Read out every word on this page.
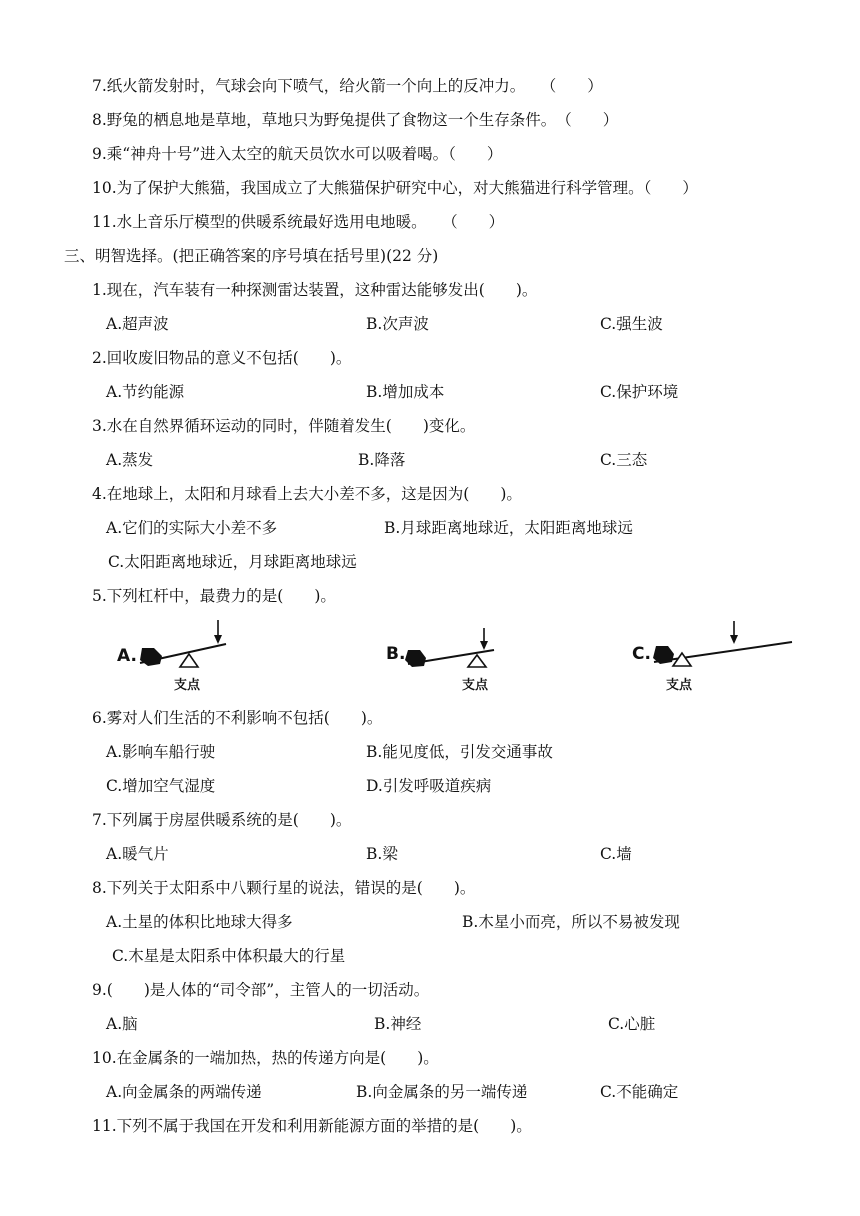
7.纸火箭发射时，气球会向下喷气，给火箭一个向上的反冲力。　　（　　）
8.野兔的栖息地是草地，草地只为野兔提供了食物这一个生存条件。　（　　）
9.乘“神舟十号”进入太空的航天员饮水可以吸着喝。（　　）
10.为了保护大熊猫，我国成立了大熊猫保护研究中心，对大熊猫进行科学管理。（　　）
11.水上音乐厅模型的供暖系统最好选用电地暖。　　（　　）
三、明智选择。(把正确答案的序号填在括号里)(22 分)
1.现在，汽车装有一种探测雷达装置，这种雷达能够发出(　　)。
A.超声波	B.次声波	C.强生波
2.回收废旧物品的意义不包括(　　)。
A.节约能源	B.增加成本	C.保护环境
3.水在自然界循环运动的同时，伴随着发生(　　)变化。
A.蒸发	B.降落	C.三态
4.在地球上，太阳和月球看上去大小差不多，这是因为(　　)。
A.它们的实际大小差不多	B.月球距离地球近，太阳距离地球远
C.太阳距离地球近，月球距离地球远
5.下列杠杆中，最费力的是(　　)。
A.
支点
B.
支点
C.
支点
6.雾对人们生活的不利影响不包括(　　)。
A.影响车船行驶	B.能见度低，引发交通事故
C.增加空气湿度	D.引发呼吸道疾病
7.下列属于房屋供暖系统的是(　　)。
A.暖气片	B.梁	C.墙
8.下列关于太阳系中八颗行星的说法，错误的是(　　)。
A.土星的体积比地球大得多	B.木星小而亮，所以不易被发现
C.木星是太阳系中体积最大的行星
9.(　　)是人体的“司令部”，主管人的一切活动。
A.脑	B.神经	C.心脏
10.在金属条的一端加热，热的传递方向是(　　)。
A.向金属条的两端传递	B.向金属条的另一端传递	C.不能确定
11.下列不属于我国在开发和利用新能源方面的举措的是(　　)。
